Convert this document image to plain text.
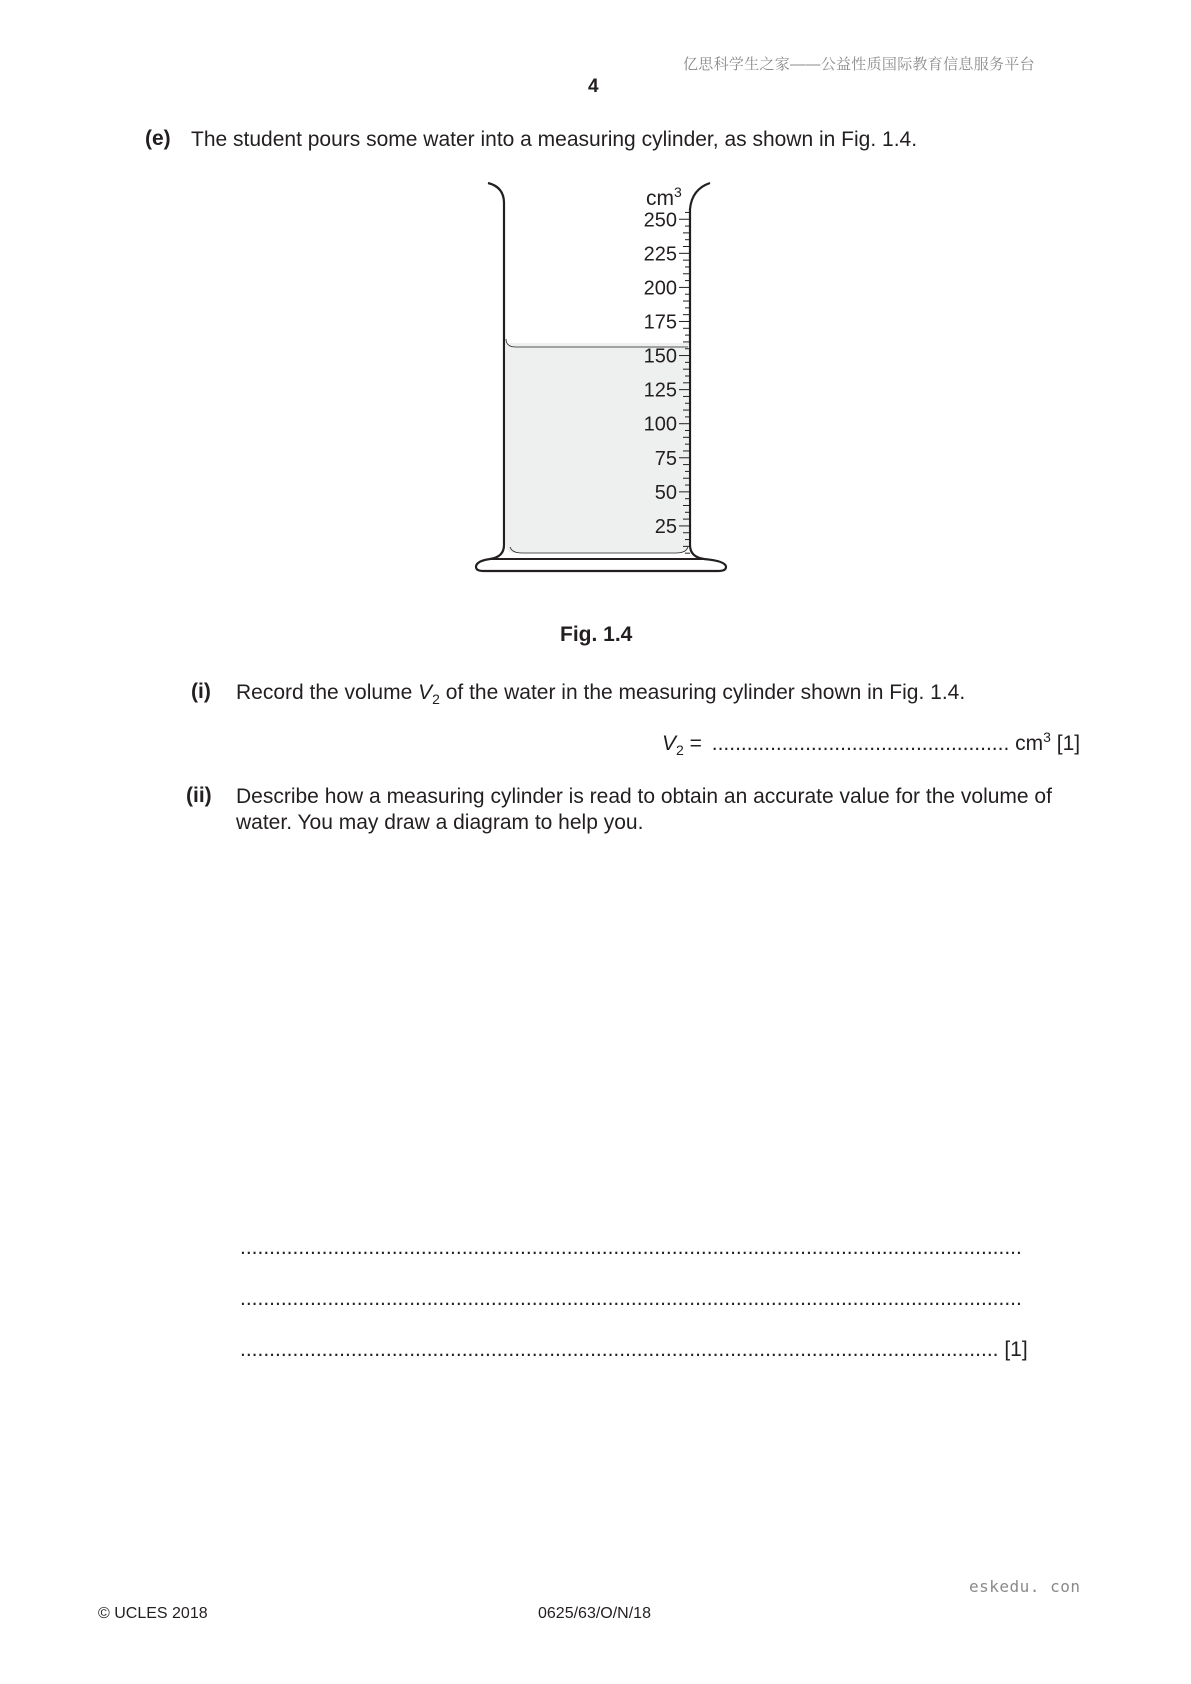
亿思科学生之家——公益性质国际教育信息服务平台
4
(e) The student pours some water into a measuring cylinder, as shown in Fig. 1.4.
$cm^3$
250
225
200
175
150
125
100
75
50
25
Fig. 1.4
(i) Record the volume $V_2$ of the water in the measuring cylinder shown in Fig. 1.4.
$V_2$ = ................................................... $cm^3$ [1]
(ii) Describe how a measuring cylinder is read to obtain an accurate value for the volume of water. You may draw a diagram to help you.
......................................................................................................................................
......................................................................................................................................
.................................................................................................................................. [1]
eskedu. con
© UCLES 2018	0625/63/O/N/18
